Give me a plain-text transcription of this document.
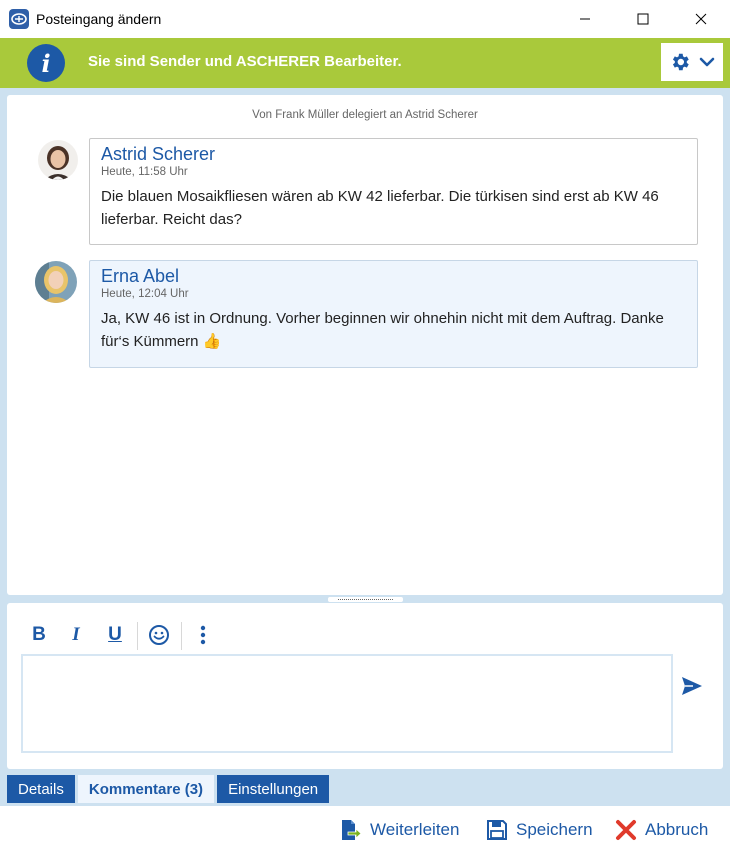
Posteingang ändern
i	Sie sind Sender und ASCHERER Bearbeiter.
Von Frank Müller delegiert an Astrid Scherer
Astrid Scherer
Heute, 11:58 Uhr
Die blauen Mosaikfliesen wären ab KW 42 lieferbar. Die türkisen sind erst ab KW 46 lieferbar. Reicht das?
Erna Abel
Heute, 12:04 Uhr
Ja, KW 46 ist in Ordnung. Vorher beginnen wir ohnehin nicht mit dem Auftrag. Danke für‘s Kümmern 👍
B I U
Details	Kommentare (3)	Einstellungen
Weiterleiten	Speichern	Abbruch
